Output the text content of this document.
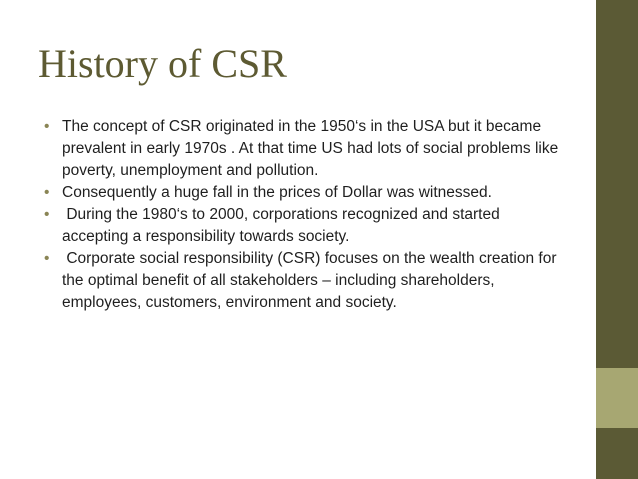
History of CSR
• The concept of CSR originated in the 1950‘s in the USA but it became prevalent in early 1970s . At that time US had lots of social problems like poverty, unemployment and pollution.
• Consequently a huge fall in the prices of Dollar was witnessed.
• During the 1980‘s to 2000, corporations recognized and started accepting a responsibility towards society.
• Corporate social responsibility (CSR) focuses on the wealth creation for the optimal benefit of all stakeholders – including shareholders, employees, customers, environment and society.
